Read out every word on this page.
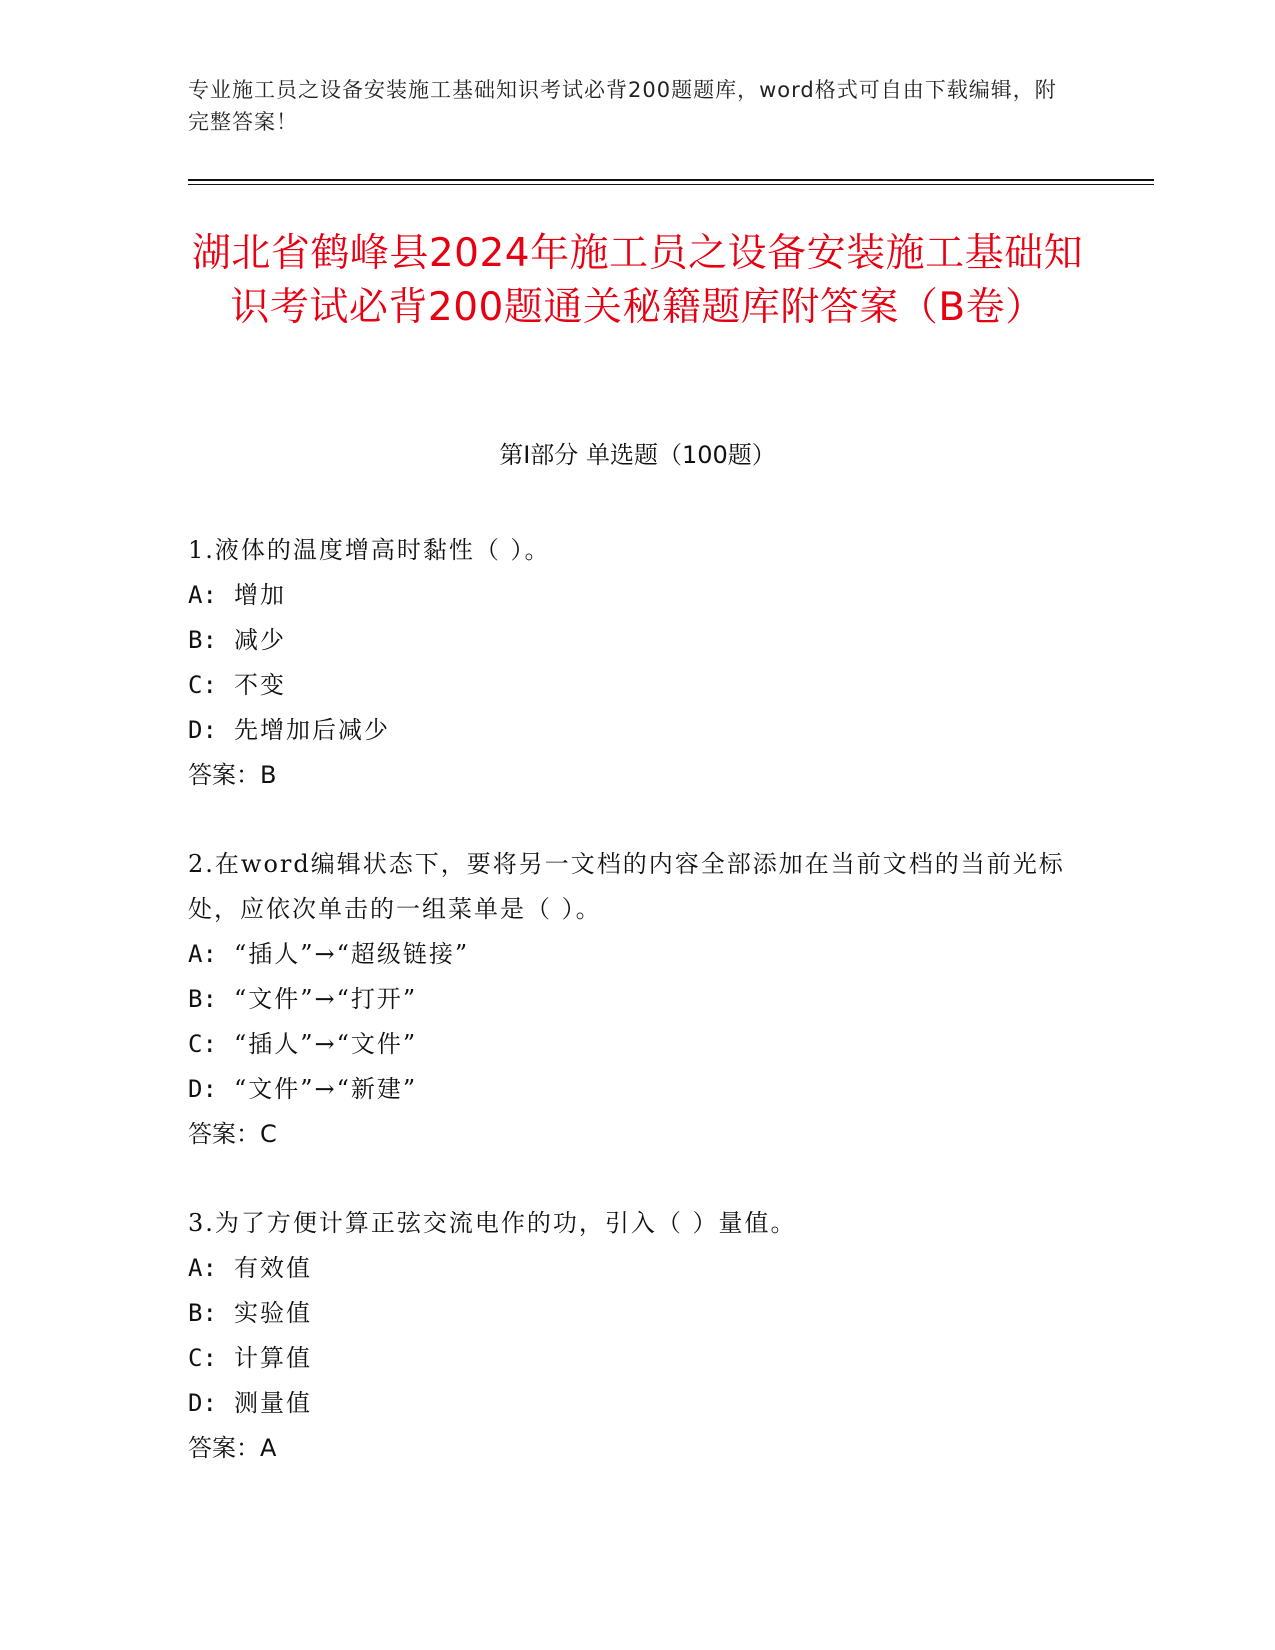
专业施工员之设备安装施工基础知识考试必背200题题库，word格式可自由下载编辑，附完整答案！
湖北省鹤峰县2024年施工员之设备安装施工基础知识考试必背200题通关秘籍题库附答案（B卷）
第Ⅰ部分 单选题（100题）

1.液体的温度增高时黏性（ ）。

A: 增加

B: 减少

C: 不变

D: 先增加后减少

答案：B

2.在word编辑状态下，要将另一文档的内容全部添加在当前文档的当前光标处，应依次单击的一组菜单是（ ）。

A: “插人”→“超级链接”

B: “文件”→“打开”

C: “插人”→“文件”

D: “文件”→“新建”

答案：C

3.为了方便计算正弦交流电作的功，引入（ ）量值。

A: 有效值

B: 实验值

C: 计算值

D: 测量值

答案：A
